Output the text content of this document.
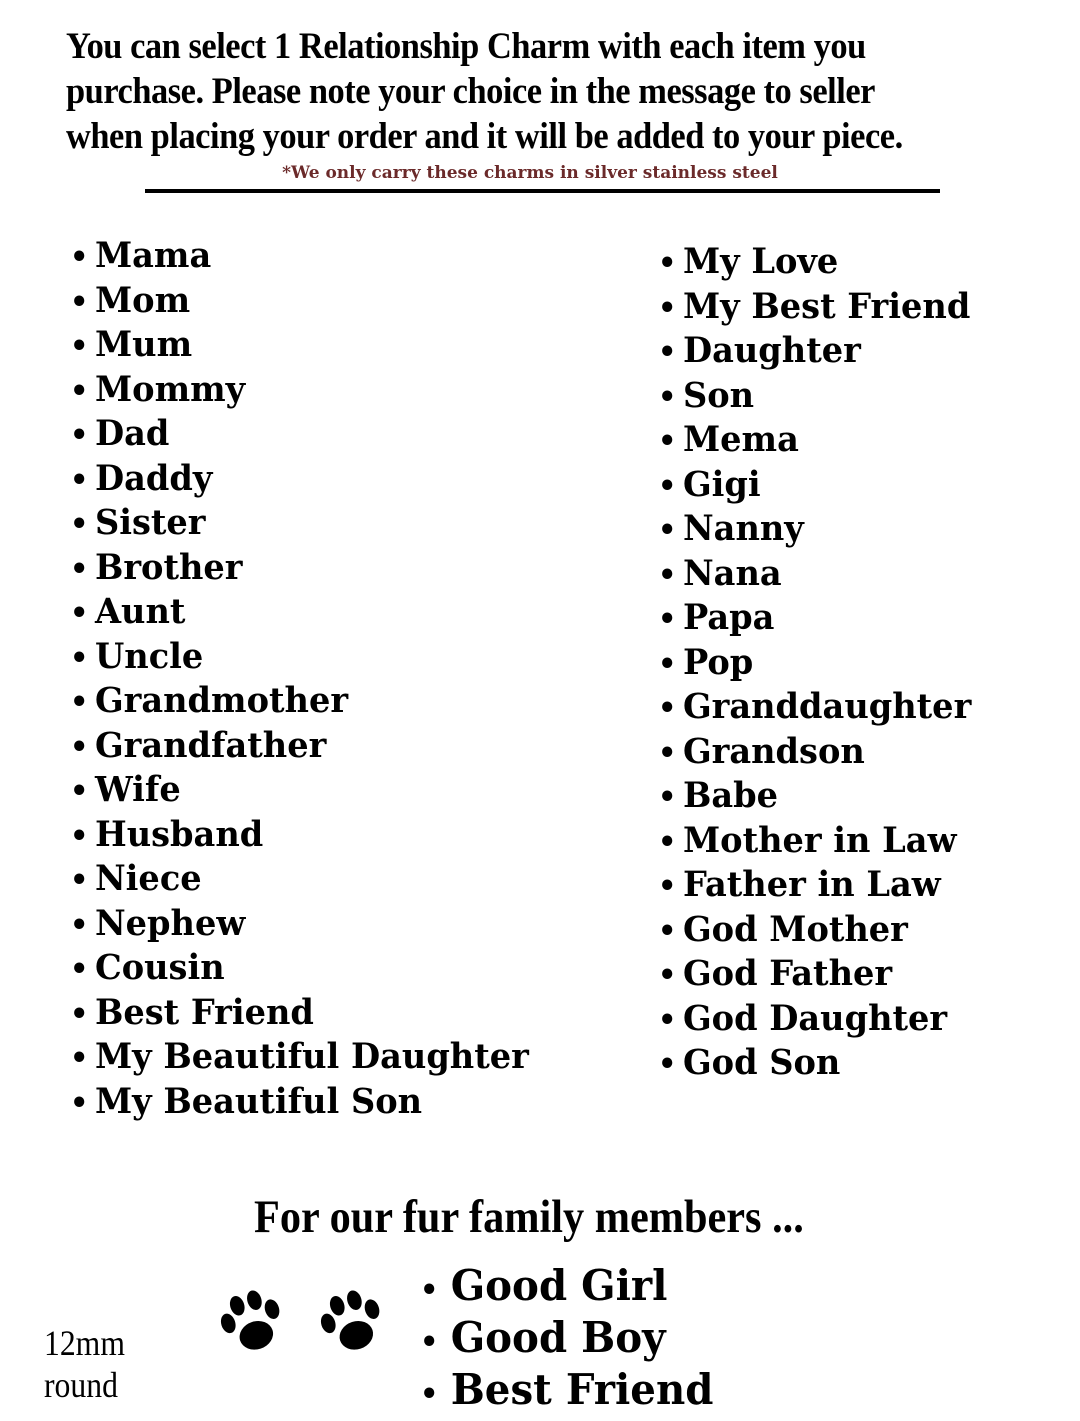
You can select 1 Relationship Charm with each item you
purchase. Please note your choice in the message to seller
when placing your order and it will be added to your piece.
*We only carry these charms in silver stainless steel
• Mama
• Mom
• Mum
• Mommy
• Dad
• Daddy
• Sister
• Brother
• Aunt
• Uncle
• Grandmother
• Grandfather
• Wife
• Husband
• Niece
• Nephew
• Cousin
• Best Friend
• My Beautiful Daughter
• My Beautiful Son
• My Love
• My Best Friend
• Daughter
• Son
• Mema
• Gigi
• Nanny
• Nana
• Papa
• Pop
• Granddaughter
• Grandson
• Babe
• Mother in Law
• Father in Law
• God Mother
• God Father
• God Daughter
• God Son
For our fur family members ...
• Good Girl
• Good Boy
• Best Friend
12mm
round
